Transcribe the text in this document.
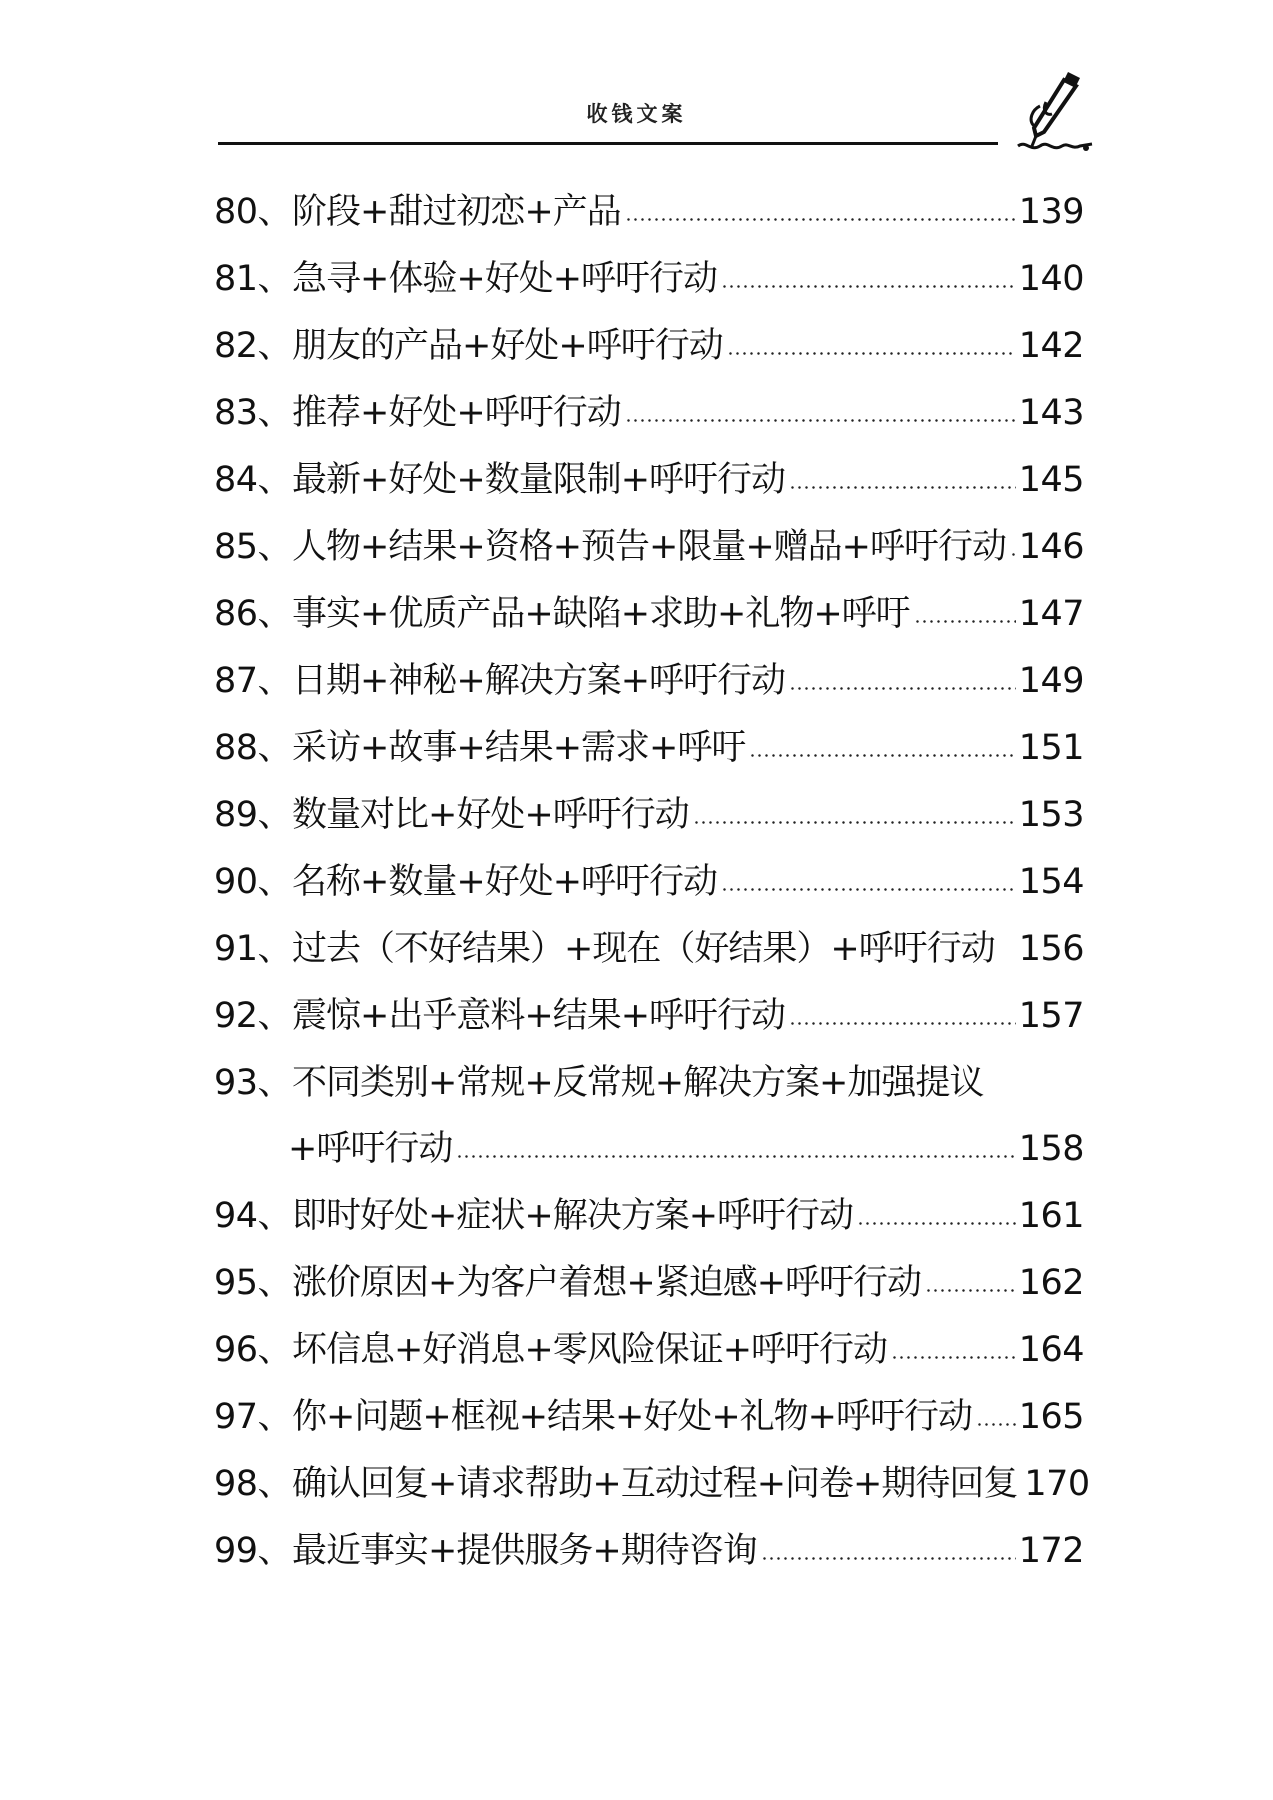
收钱文案
80、 阶段+甜过初恋+产品	139
81、 急寻+体验+好处+呼吁行动	140
82、 朋友的产品+好处+呼吁行动	142
83、 推荐+好处+呼吁行动	143
84、 最新+好处+数量限制+呼吁行动	145
85、 人物+结果+资格+预告+限量+赠品+呼吁行动 146
86、 事实+优质产品+缺陷+求助+礼物+呼吁	147
87、 日期+神秘+解决方案+呼吁行动	149
88、 采访+故事+结果+需求+呼吁	151
89、 数量对比+好处+呼吁行动	153
90、 名称+数量+好处+呼吁行动	154
91、 过去（不好结果）+现在（好结果）+呼吁行动 156
92、 震惊+出乎意料+结果+呼吁行动	157
93、 不同类别+常规+反常规+解决方案+加强提议
+呼吁行动	158
94、 即时好处+症状+解决方案+呼吁行动	161
95、 涨价原因+为客户着想+紧迫感+呼吁行动	162
96、 坏信息+好消息+零风险保证+呼吁行动	164
97、 你+问题+框视+结果+好处+礼物+呼吁行动 165
98、 确认回复+请求帮助+互动过程+问卷+期待回复 170
99、 最近事实+提供服务+期待咨询	172
